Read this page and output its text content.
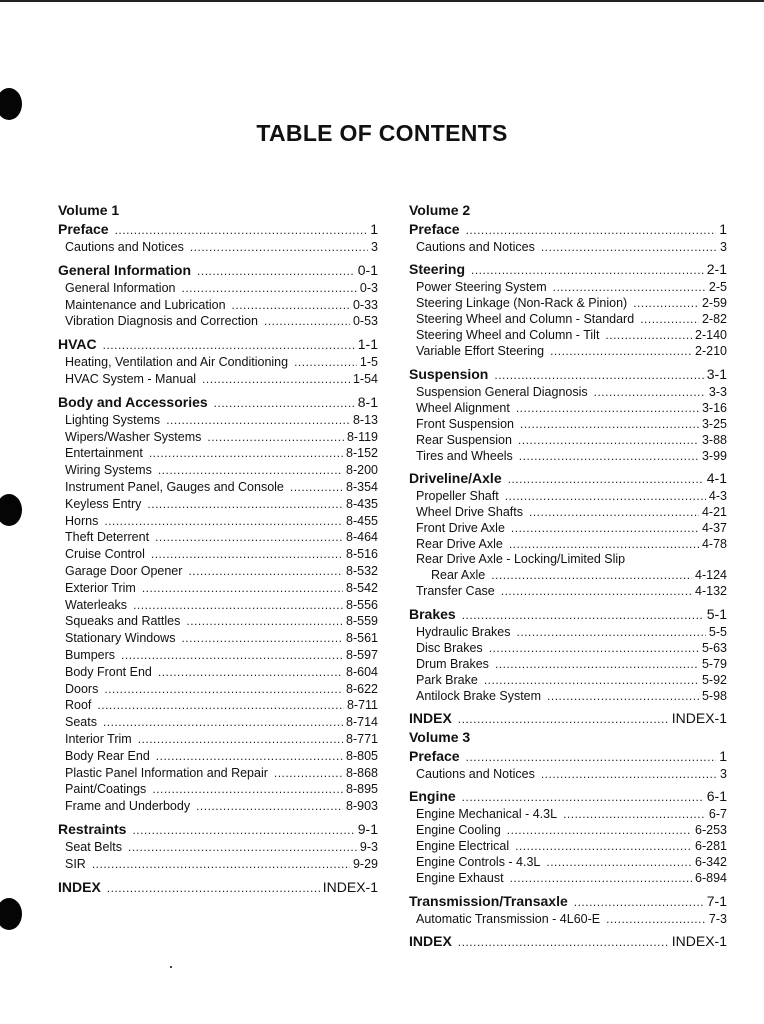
TABLE OF CONTENTS
Volume 1
Preface .....	1
Cautions and Notices .....	3
General Information .....	0-1
General Information .....	0-3
Maintenance and Lubrication .....	0-33
Vibration Diagnosis and Correction .....	0-53
HVAC .....	1-1
Heating, Ventilation and Air Conditioning .....	1-5
HVAC System - Manual .....	1-54
Body and Accessories .....	8-1
Lighting Systems .....	8-13
Wipers/Washer Systems .....	8-119
Entertainment .....	8-152
Wiring Systems .....	8-200
Instrument Panel, Gauges and Console .....	8-354
Keyless Entry .....	8-435
Horns .....	8-455
Theft Deterrent .....	8-464
Cruise Control .....	8-516
Garage Door Opener .....	8-532
Exterior Trim .....	8-542
Waterleaks .....	8-556
Squeaks and Rattles .....	8-559
Stationary Windows .....	8-561
Bumpers .....	8-597
Body Front End .....	8-604
Doors .....	8-622
Roof .....	8-711
Seats .....	8-714
Interior Trim .....	8-771
Body Rear End .....	8-805
Plastic Panel Information and Repair .....	8-868
Paint/Coatings .....	8-895
Frame and Underbody .....	8-903
Restraints .....	9-1
Seat Belts .....	9-3
SIR .....	9-29
INDEX .....	INDEX-1
Volume 2
Preface .....	1
Cautions and Notices .....	3
Steering .....	2-1
Power Steering System .....	2-5
Steering Linkage (Non-Rack & Pinion) .....	2-59
Steering Wheel and Column - Standard .....	2-82
Steering Wheel and Column - Tilt .....	2-140
Variable Effort Steering .....	2-210
Suspension .....	3-1
Suspension General Diagnosis .....	3-3
Wheel Alignment .....	3-16
Front Suspension .....	3-25
Rear Suspension .....	3-88
Tires and Wheels .....	3-99
Driveline/Axle .....	4-1
Propeller Shaft .....	4-3
Wheel Drive Shafts .....	4-21
Front Drive Axle .....	4-37
Rear Drive Axle .....	4-78
Rear Drive Axle - Locking/Limited Slip
Rear Axle .....	4-124
Transfer Case .....	4-132
Brakes .....	5-1
Hydraulic Brakes .....	5-5
Disc Brakes .....	5-63
Drum Brakes .....	5-79
Park Brake .....	5-92
Antilock Brake System .....	5-98
INDEX .....	INDEX-1
Volume 3
Preface .....	1
Cautions and Notices .....	3
Engine .....	6-1
Engine Mechanical - 4.3L .....	6-7
Engine Cooling .....	6-253
Engine Electrical .....	6-281
Engine Controls - 4.3L .....	6-342
Engine Exhaust .....	6-894
Transmission/Transaxle .....	7-1
Automatic Transmission - 4L60-E .....	7-3
INDEX .....	INDEX-1
